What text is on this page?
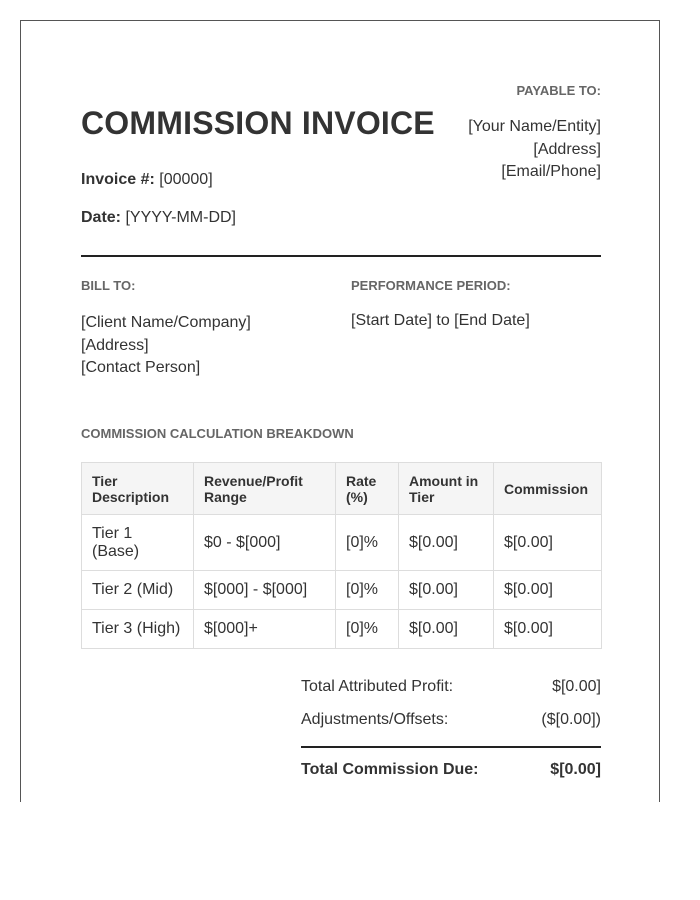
PAYABLE TO:
COMMISSION INVOICE	[Your Name/Entity]
[Address]
[Email/Phone]
Invoice #: [00000]
Date: [YYYY-MM-DD]
BILL TO:	PERFORMANCE PERIOD:
[Client Name/Company]
[Address]
[Contact Person]
[Start Date] to [End Date]
COMMISSION CALCULATION BREAKDOWN
Tier Description	Revenue/Profit Range	Rate (%)	Amount in Tier	Commission
Tier 1 (Base)	$0 - $[000]	[0]%	$[0.00]	$[0.00]
Tier 2 (Mid)	$[000] - $[000]	[0]%	$[0.00]	$[0.00]
Tier 3 (High)	$[000]+	[0]%	$[0.00]	$[0.00]
Total Attributed Profit:	$[0.00]
Adjustments/Offsets:	($[0.00])
Total Commission Due:	$[0.00]
